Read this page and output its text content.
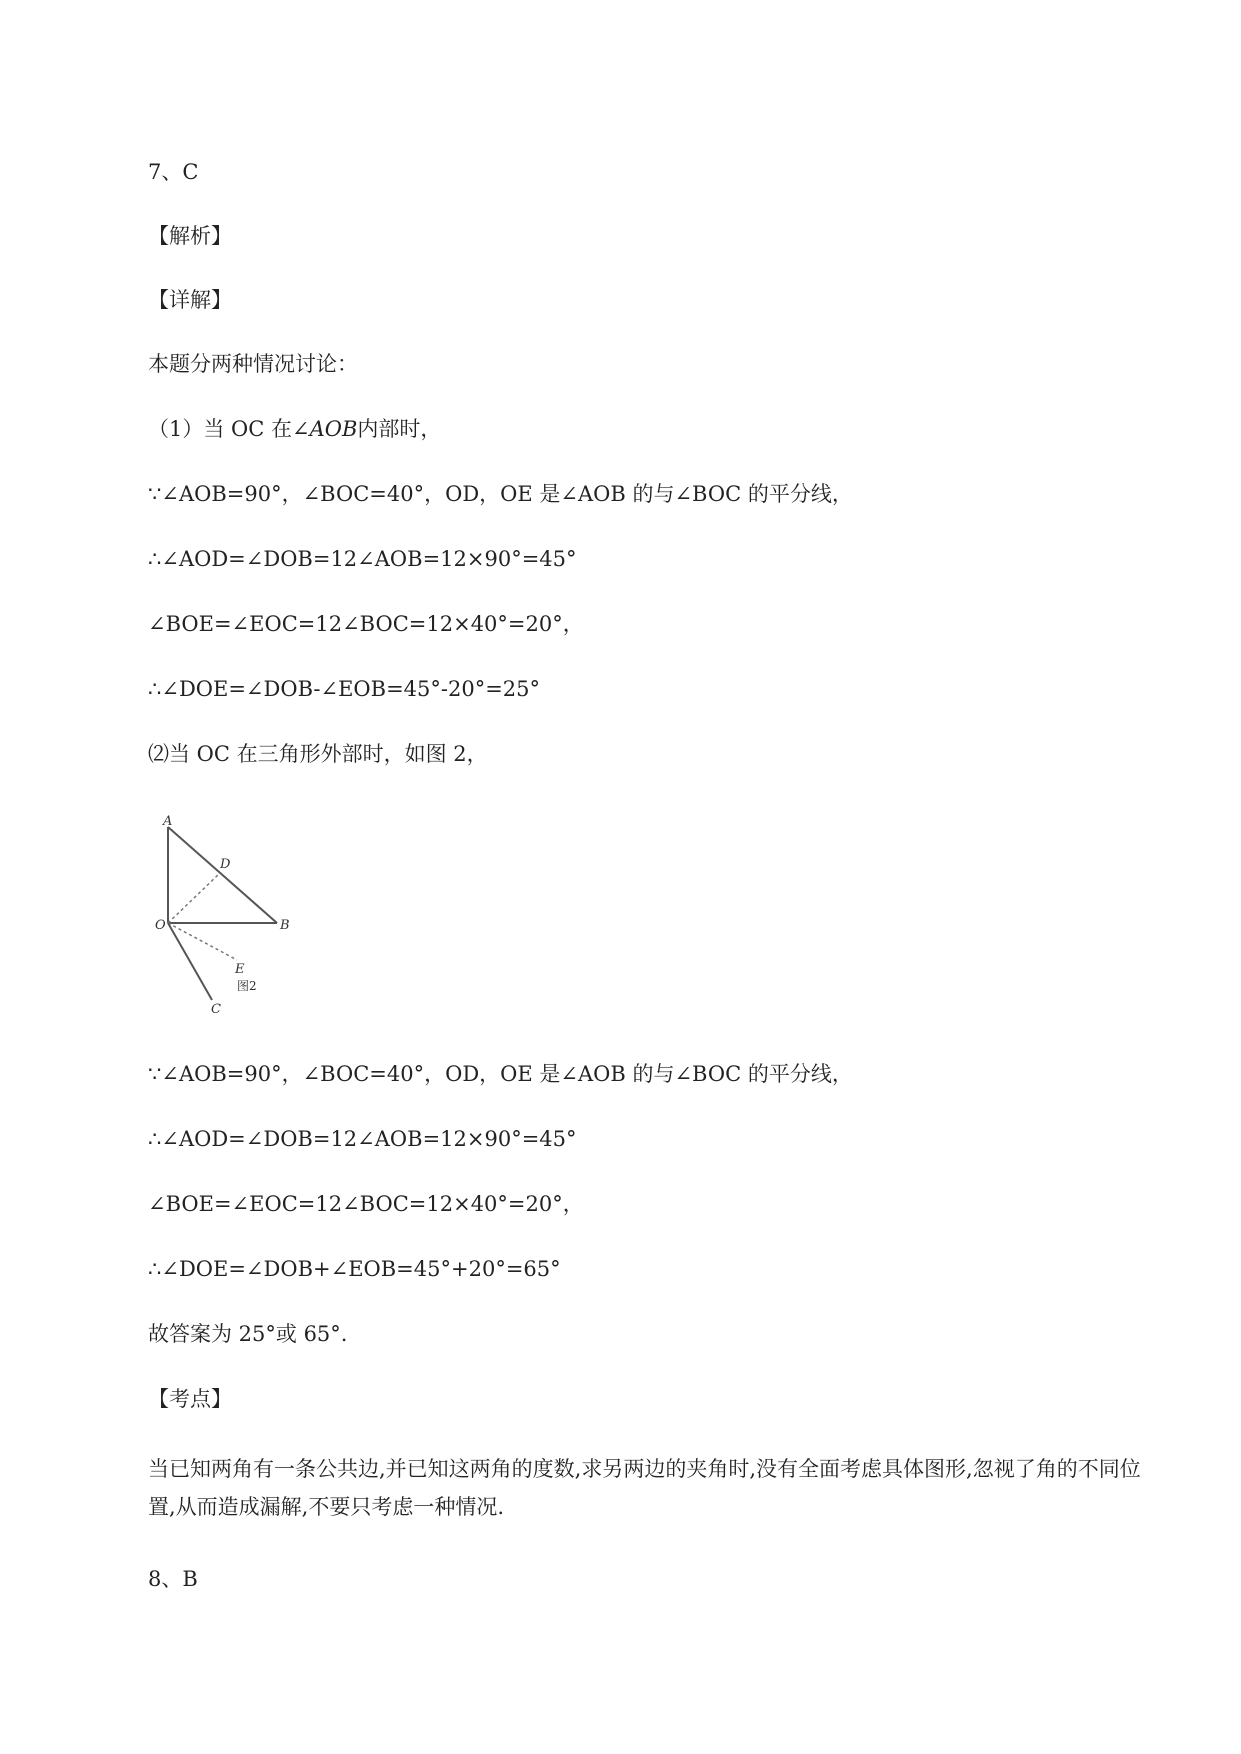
7、C
【解析】
【详解】
本题分两种情况讨论：
（1）当 OC 在∠AOB内部时，
∵∠AOB=90°，∠BOC=40°，OD，OE 是∠AOB 的与∠BOC 的平分线，
∴∠AOD=∠DOB=12∠AOB=12×90°=45°
∠BOE=∠EOC=12∠BOC=12×40°=20°，
∴∠DOE=∠DOB-∠EOB=45°-20°=25°
⑵当 OC 在三角形外部时，如图 2，
A
D
O	B
E
图2
C
∵∠AOB=90°，∠BOC=40°，OD，OE 是∠AOB 的与∠BOC 的平分线，
∴∠AOD=∠DOB=12∠AOB=12×90°=45°
∠BOE=∠EOC=12∠BOC=12×40°=20°，
∴∠DOE=∠DOB+∠EOB=45°+20°=65°
故答案为 25°或 65°.
【考点】
当已知两角有一条公共边,并已知这两角的度数,求另两边的夹角时,没有全面考虑具体图形,忽视了角的不同位置,从而造成漏解,不要只考虑一种情况.
8、B
